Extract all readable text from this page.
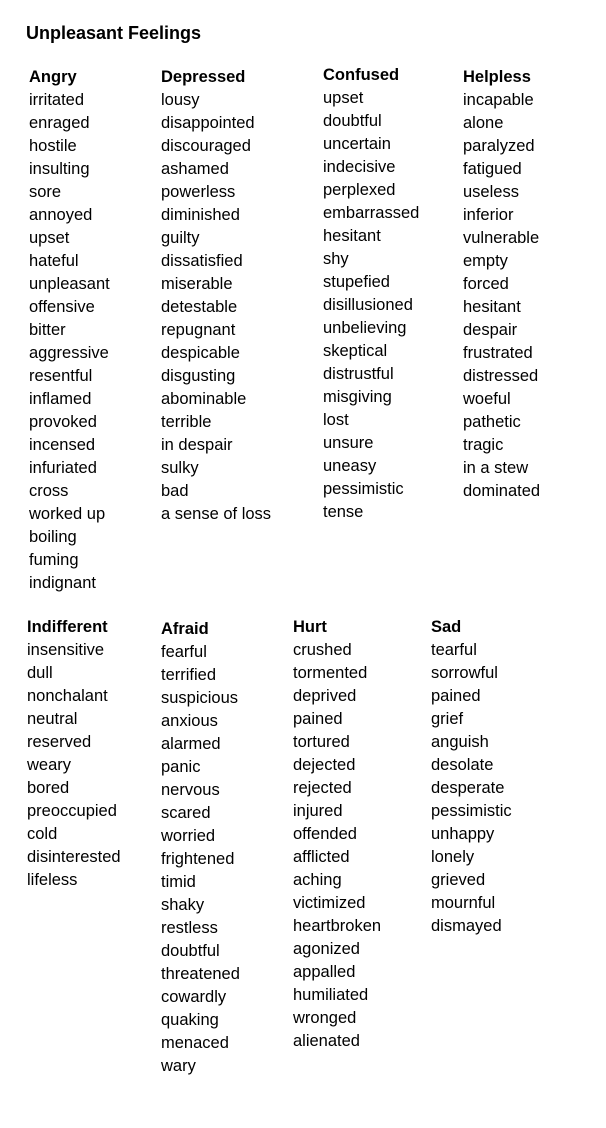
Unpleasant Feelings
Angry
irritated
enraged
hostile
insulting
sore
annoyed
upset
hateful
unpleasant
offensive
bitter
aggressive
resentful
inflamed
provoked
incensed
infuriated
cross
worked up
boiling
fuming
indignant
Depressed
lousy
disappointed
discouraged
ashamed
powerless
diminished
guilty
dissatisfied
miserable
detestable
repugnant
despicable
disgusting
abominable
terrible
in despair
sulky
bad
a sense of loss
Confused
upset
doubtful
uncertain
indecisive
perplexed
embarrassed
hesitant
shy
stupefied
disillusioned
unbelieving
skeptical
distrustful
misgiving
lost
unsure
uneasy
pessimistic
tense
Helpless
incapable
alone
paralyzed
fatigued
useless
inferior
vulnerable
empty
forced
hesitant
despair
frustrated
distressed
woeful
pathetic
tragic
in a stew
dominated
Indifferent
insensitive
dull
nonchalant
neutral
reserved
weary
bored
preoccupied
cold
disinterested
lifeless
Afraid
fearful
terrified
suspicious
anxious
alarmed
panic
nervous
scared
worried
frightened
timid
shaky
restless
doubtful
threatened
cowardly
quaking
menaced
wary
Hurt
crushed
tormented
deprived
pained
tortured
dejected
rejected
injured
offended
afflicted
aching
victimized
heartbroken
agonized
appalled
humiliated
wronged
alienated
Sad
tearful
sorrowful
pained
grief
anguish
desolate
desperate
pessimistic
unhappy
lonely
grieved
mournful
dismayed
